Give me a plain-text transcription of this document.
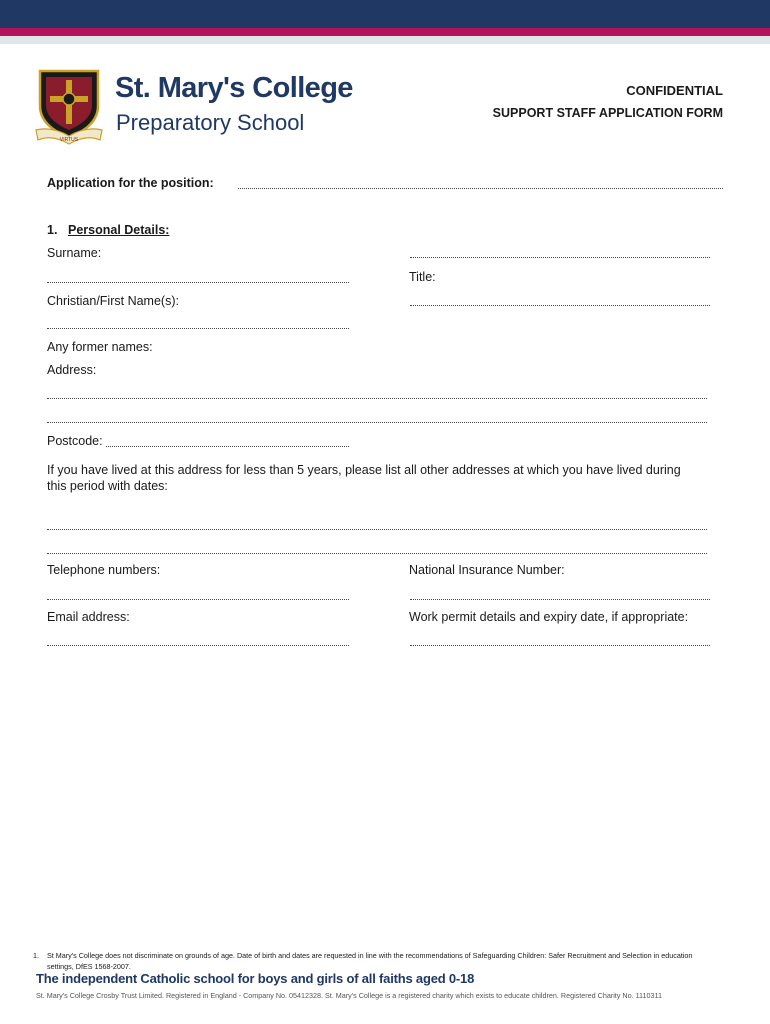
VIRTUS
St. Mary's College
Preparatory School
CONFIDENTIAL
SUPPORT STAFF APPLICATION FORM
Application for the position:
1. Personal Details:
Surname:
Title:
Christian/First Name(s):
Any former names:
Address:
Postcode:
If you have lived at this address for less than 5 years, please list all other addresses at which you have lived during
this period with dates:
Telephone numbers:	National Insurance Number:
Email address:	Work permit details and expiry date, if appropriate:
1. St Mary's College does not discriminate on grounds of age. Date of birth and dates are requested in line with the recommendations of Safeguarding Children: Safer Recruitment and Selection in education settings, DfES 1568-2007.
The independent Catholic school for boys and girls of all faiths aged 0-18
St. Mary's College Crosby Trust Limited. Registered in England - Company No. 05412328. St. Mary's College is a registered charity which exists to educate children. Registered Charity No. 1110311
